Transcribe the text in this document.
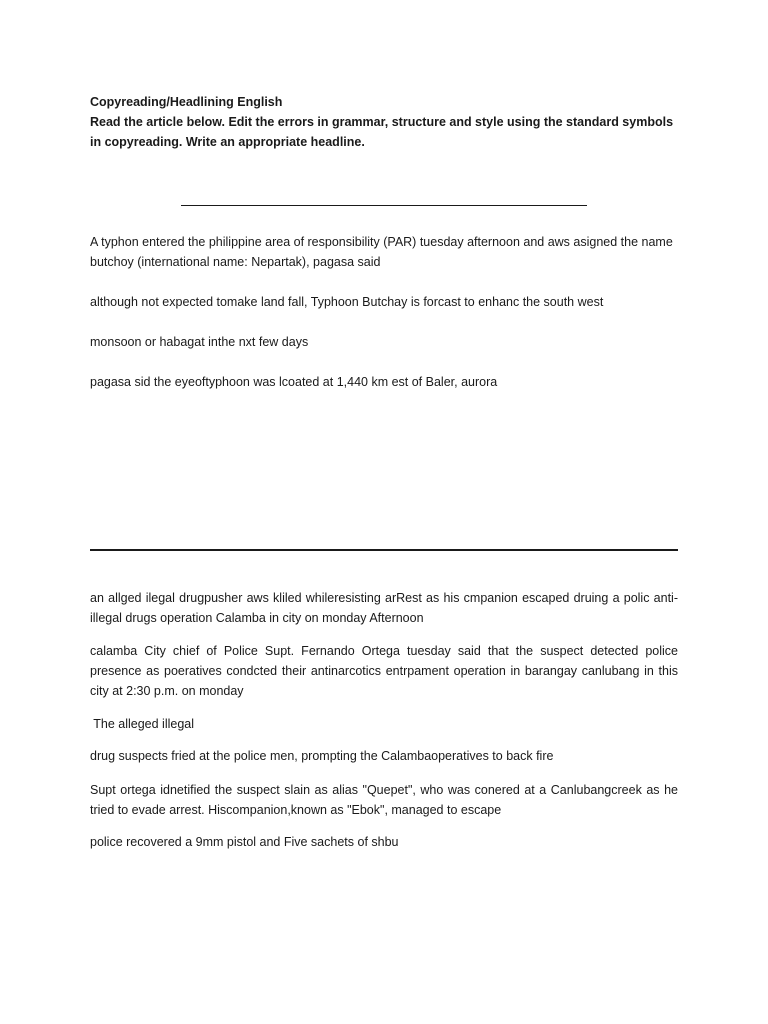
Copyreading/Headlining English

Read the article below. Edit the errors in grammar, structure and style using the standard symbols in copyreading. Write an appropriate headline.

A typhon entered the philippine area of responsibility (PAR) tuesday afternoon and aws asigned the name butchoy (international name: Nepartak), pagasa said

although not expected tomake land fall, Typhoon Butchay is forcast to enhanc the south west

monsoon or habagat inthe nxt few days

pagasa sid the eyeoftyphoon was lcoated at 1,440 km est of Baler, aurora

an allged ilegal drugpusher aws kliled whileresisting arRest as his cmpanion escaped druing a polic anti-illegal drugs operation Calamba in city on monday Afternoon

calamba City chief of Police Supt. Fernando Ortega tuesday said that the suspect detected police presence as poeratives condcted their antinarcotics entrpament operation in barangay canlubang in this city at 2:30 p.m. on monday

The alleged illegal

drug suspects fried at the police men, prompting the Calambaoperatives to back fire

Supt ortega idnetified the suspect slain as alias "Quepet", who was conered at a Canlubangcreek as he tried to evade arrest. Hiscompanion,known as "Ebok", managed to escape

police recovered a 9mm pistol and Five sachets of shbu
